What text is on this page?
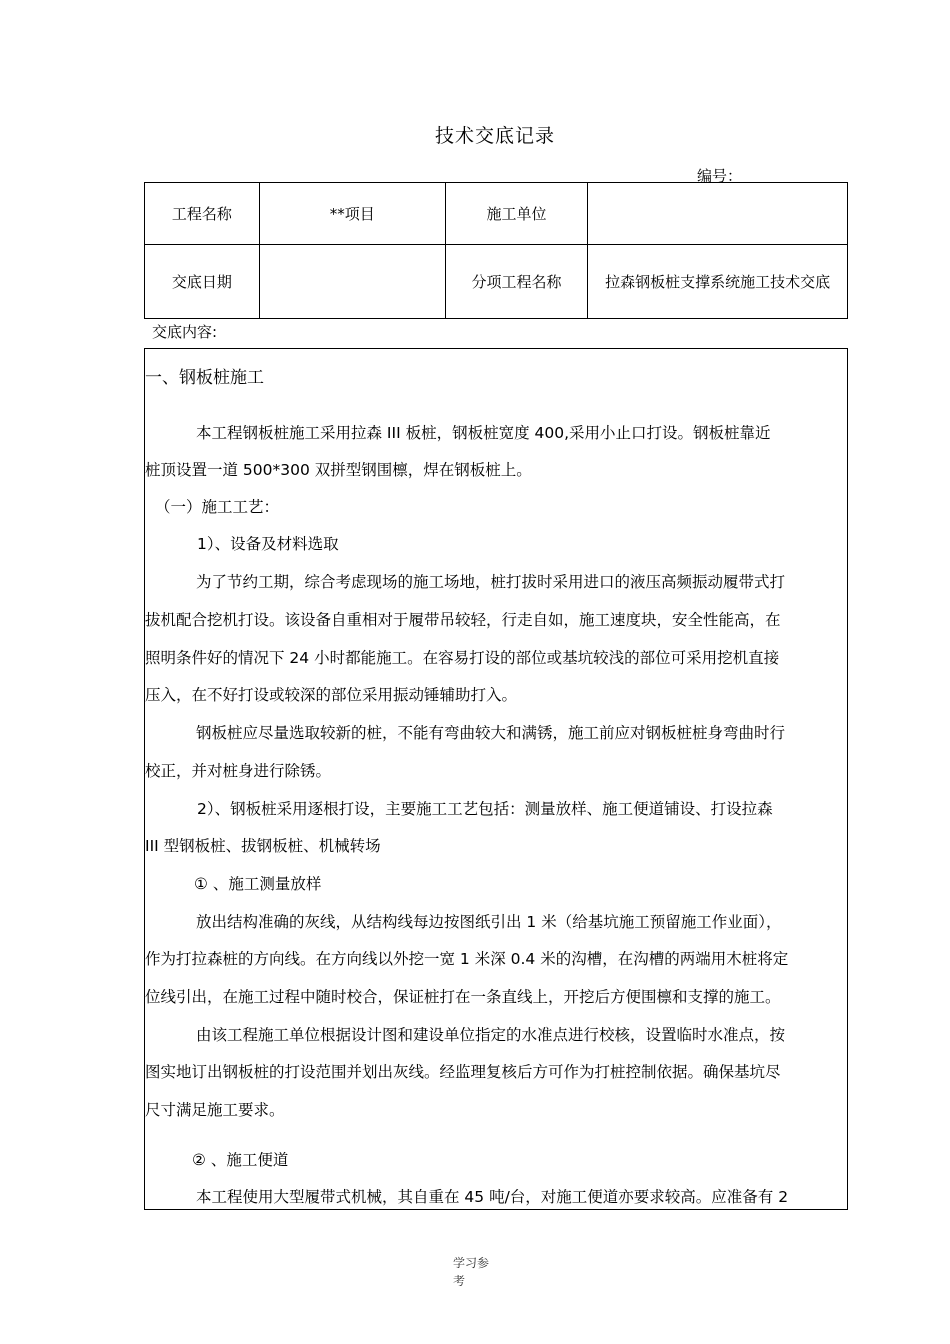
技术交底记录
编号：
工程名称	**项目	施工单位	
交底日期		分项工程名称	拉森钢板桩支撑系统施工技术交底
交底内容:
一、钢板桩施工
本工程钢板桩施工采用拉森 III 板桩，钢板桩宽度 400,采用小止口打设。钢板桩靠近
桩顶设置一道 500*300 双拼型钢围檩，焊在钢板桩上。
（一）施工工艺：
1）、设备及材料选取
为了节约工期，综合考虑现场的施工场地，桩打拔时采用进口的液压高频振动履带式打
拔机配合挖机打设。该设备自重相对于履带吊较轻，行走自如，施工速度块，安全性能高，在
照明条件好的情况下 24 小时都能施工。在容易打设的部位或基坑较浅的部位可采用挖机直接
压入，在不好打设或较深的部位采用振动锤辅助打入。
钢板桩应尽量选取较新的桩，不能有弯曲较大和满锈，施工前应对钢板桩桩身弯曲时行
校正，并对桩身进行除锈。
2）、钢板桩采用逐根打设，主要施工工艺包括：测量放样、施工便道铺设、打设拉森
III 型钢板桩、拔钢板桩、机械转场
① 、施工测量放样
放出结构准确的灰线，从结构线每边按图纸引出 1 米（给基坑施工预留施工作业面），
作为打拉森桩的方向线。在方向线以外挖一宽 1 米深 0.4 米的沟槽，在沟槽的两端用木桩将定
位线引出，在施工过程中随时校合，保证桩打在一条直线上，开挖后方便围檩和支撑的施工。
由该工程施工单位根据设计图和建设单位指定的水准点进行校核，设置临时水准点，按
图实地订出钢板桩的打设范围并划出灰线。经监理复核后方可作为打桩控制依据。确保基坑尽
尺寸满足施工要求。
② 、施工便道
本工程使用大型履带式机械，其自重在 45 吨/台，对施工便道亦要求较高。应准备有 2
学习参
考
